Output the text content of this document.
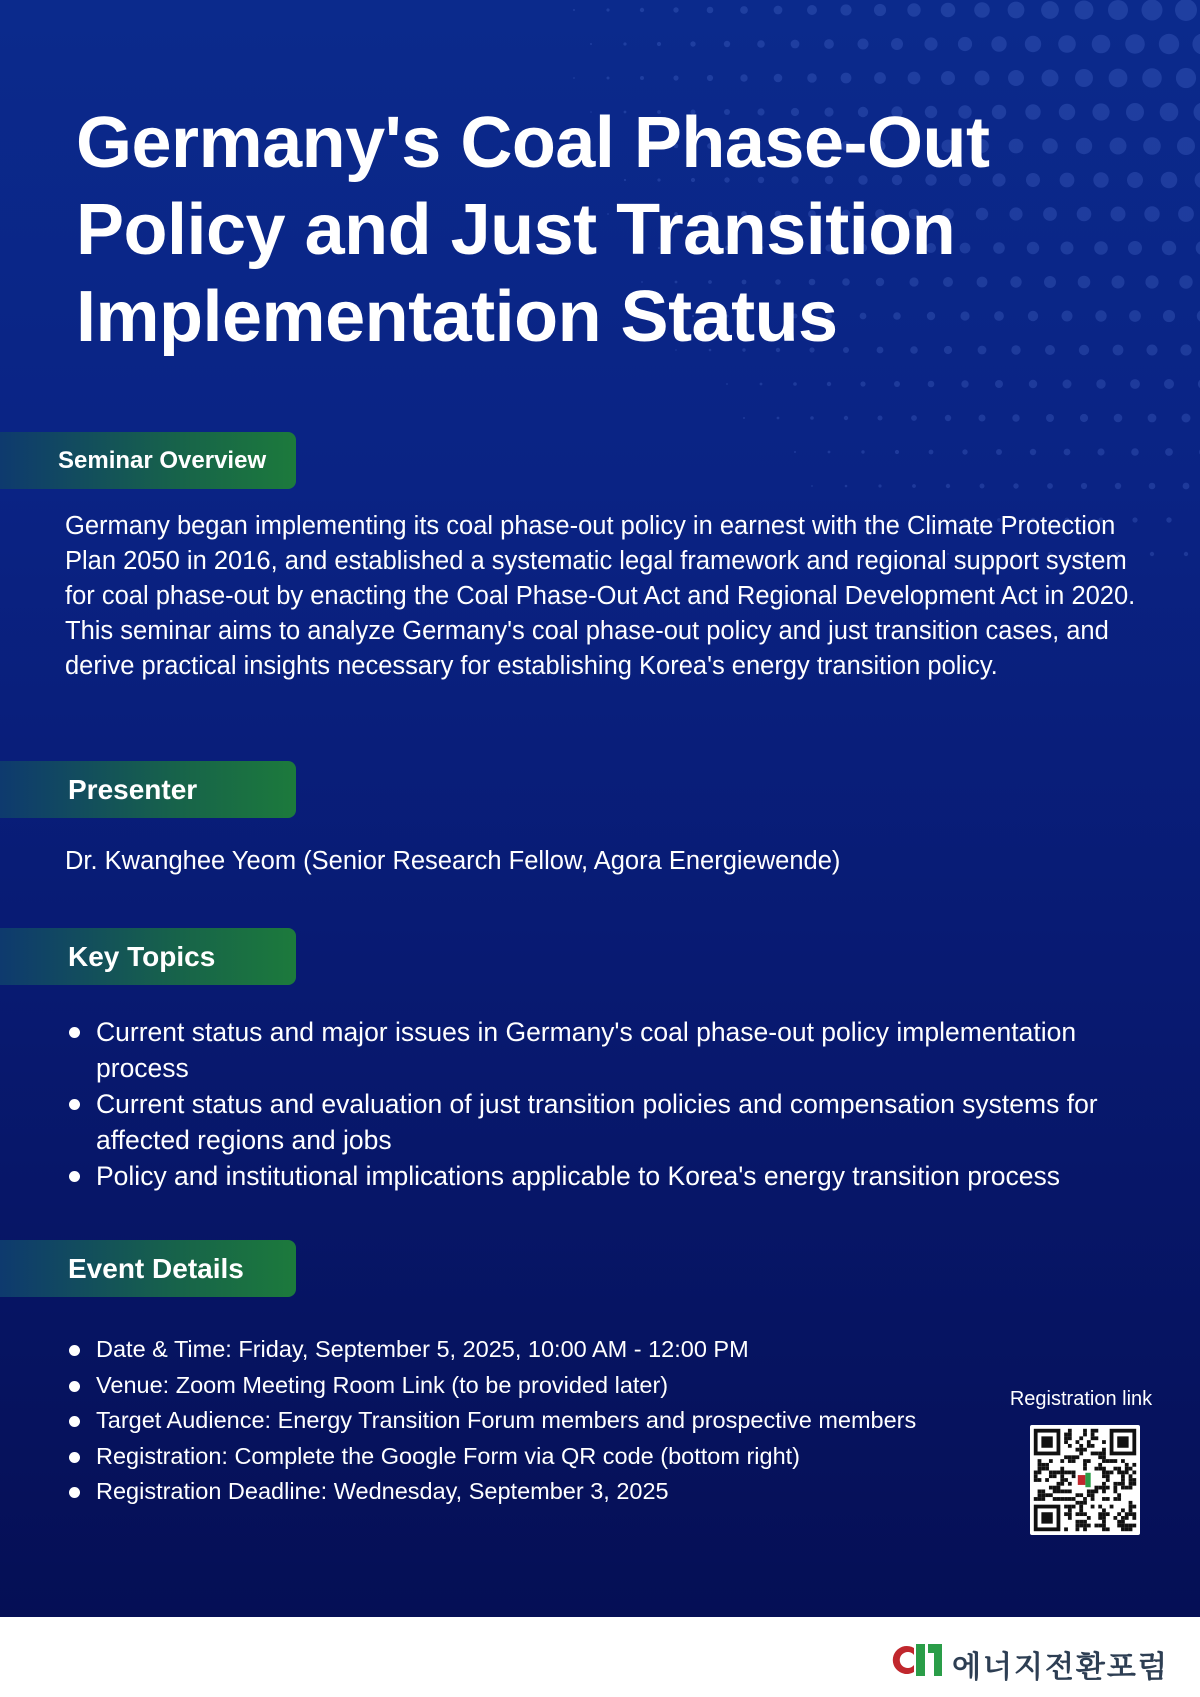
Germany's Coal Phase-Out
Policy and Just Transition
Implementation Status
Seminar Overview

Germany began implementing its coal phase-out policy in earnest with the Climate Protection Plan 2050 in 2016, and established a systematic legal framework and regional support system for coal phase-out by enacting the Coal Phase-Out Act and Regional Development Act in 2020.

This seminar aims to analyze Germany's coal phase-out policy and just transition cases, and derive practical insights necessary for establishing Korea's energy transition policy.

Presenter
Dr. Kwanghee Yeom (Senior Research Fellow, Agora Energiewende)
Key Topics
Current status and major issues in Germany's coal phase-out policy implementation process
Current status and evaluation of just transition policies and compensation systems for affected regions and jobs
Policy and institutional implications applicable to Korea's energy transition process
Event Details
Date & Time: Friday, September 5, 2025, 10:00 AM - 12:00 PM
Venue: Zoom Meeting Room Link (to be provided later)
Target Audience: Energy Transition Forum members and prospective members
Registration: Complete the Google Form via QR code (bottom right)
Registration Deadline: Wednesday, September 3, 2025
Registration link
에너지전환포럼
